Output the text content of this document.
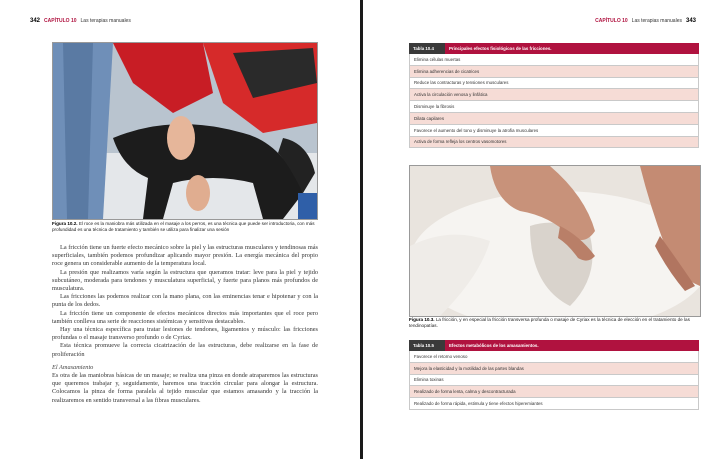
342 CAPÍTULO 10 Las terapias manuales
Figura 10.2. El roce es la maniobra más utilizada en el masaje a los perros, es una técnica que puede ser introductoria, con más profundidad es una técnica de tratamiento y también se utiliza para finalizar una sesión

La fricción tiene un fuerte efecto mecánico sobre la piel y las estructuras musculares y tendinosas más superficiales, también podemos profundizar aplicando mayor presión. La energía mecánica del propio roce genera un considerable aumento de la temperatura local.

La presión que realizamos varía según la estructura que queramos tratar: leve para la piel y tejido subcutáneo, moderada para tendones y musculatura superficial, y fuerte para planos más profundos de musculatura.

Las fricciones las podemos realizar con la mano plana, con las eminencias tenar e hipotenar y con la punta de los dedos.

La fricción tiene un componente de efectos mecánicos directos más importantes que el roce pero también conlleva una serie de reacciones sistémicas y sensitivas destacables.

Hay una técnica específica para tratar lesiones de tendones, ligamentos y músculo: las fricciones profundas o el masaje transverso profundo o de Cyriax.

Esta técnica promueve la correcta cicatrización de las estructuras, debe realizarse en la fase de proliferación

El Amasamiento

Es otra de las maniobras básicas de un masaje; se realiza una pinza en donde atraparemos las estructuras que queremos trabajar y, seguidamente, haremos una tracción circular para alongar la estructura. Colocamos la pinza de forma paralela al tejido muscular que estamos amasando y la tracción la realizaremos en sentido transversal a las fibras musculares.

CAPÍTULO 10 Las terapias manuales 343
Tabla 10.4	Principales efectos fisiológicos de las fricciones.
Elimina células muertas
Elimina adherencias de cicatrices
Reduce las contracturas y tensiones musculares
Activa la circulación venosa y linfática
Disminuye la fibrosis
Dilata capilares
Favorece el aumento del tono y disminuye la atrofia musculares
Activa de forma refleja los centros vasomotores
Figura 10.3. La fricción, y en especial la fricción transversa profunda o masaje de Cyriax es la técnica de elección en el tratamiento de las tendinopatías.
Tabla 10.5	Efectos metabólicos de los amasamientos.
Favorece el retorno venoso
Mejora la elasticidad y la motilidad de las partes blandas
Elimina toxinas
Realizado de forma lenta, calma y descontracturada
Realizado de forma rápida, estimula y tiene efectos hiperemiantes
